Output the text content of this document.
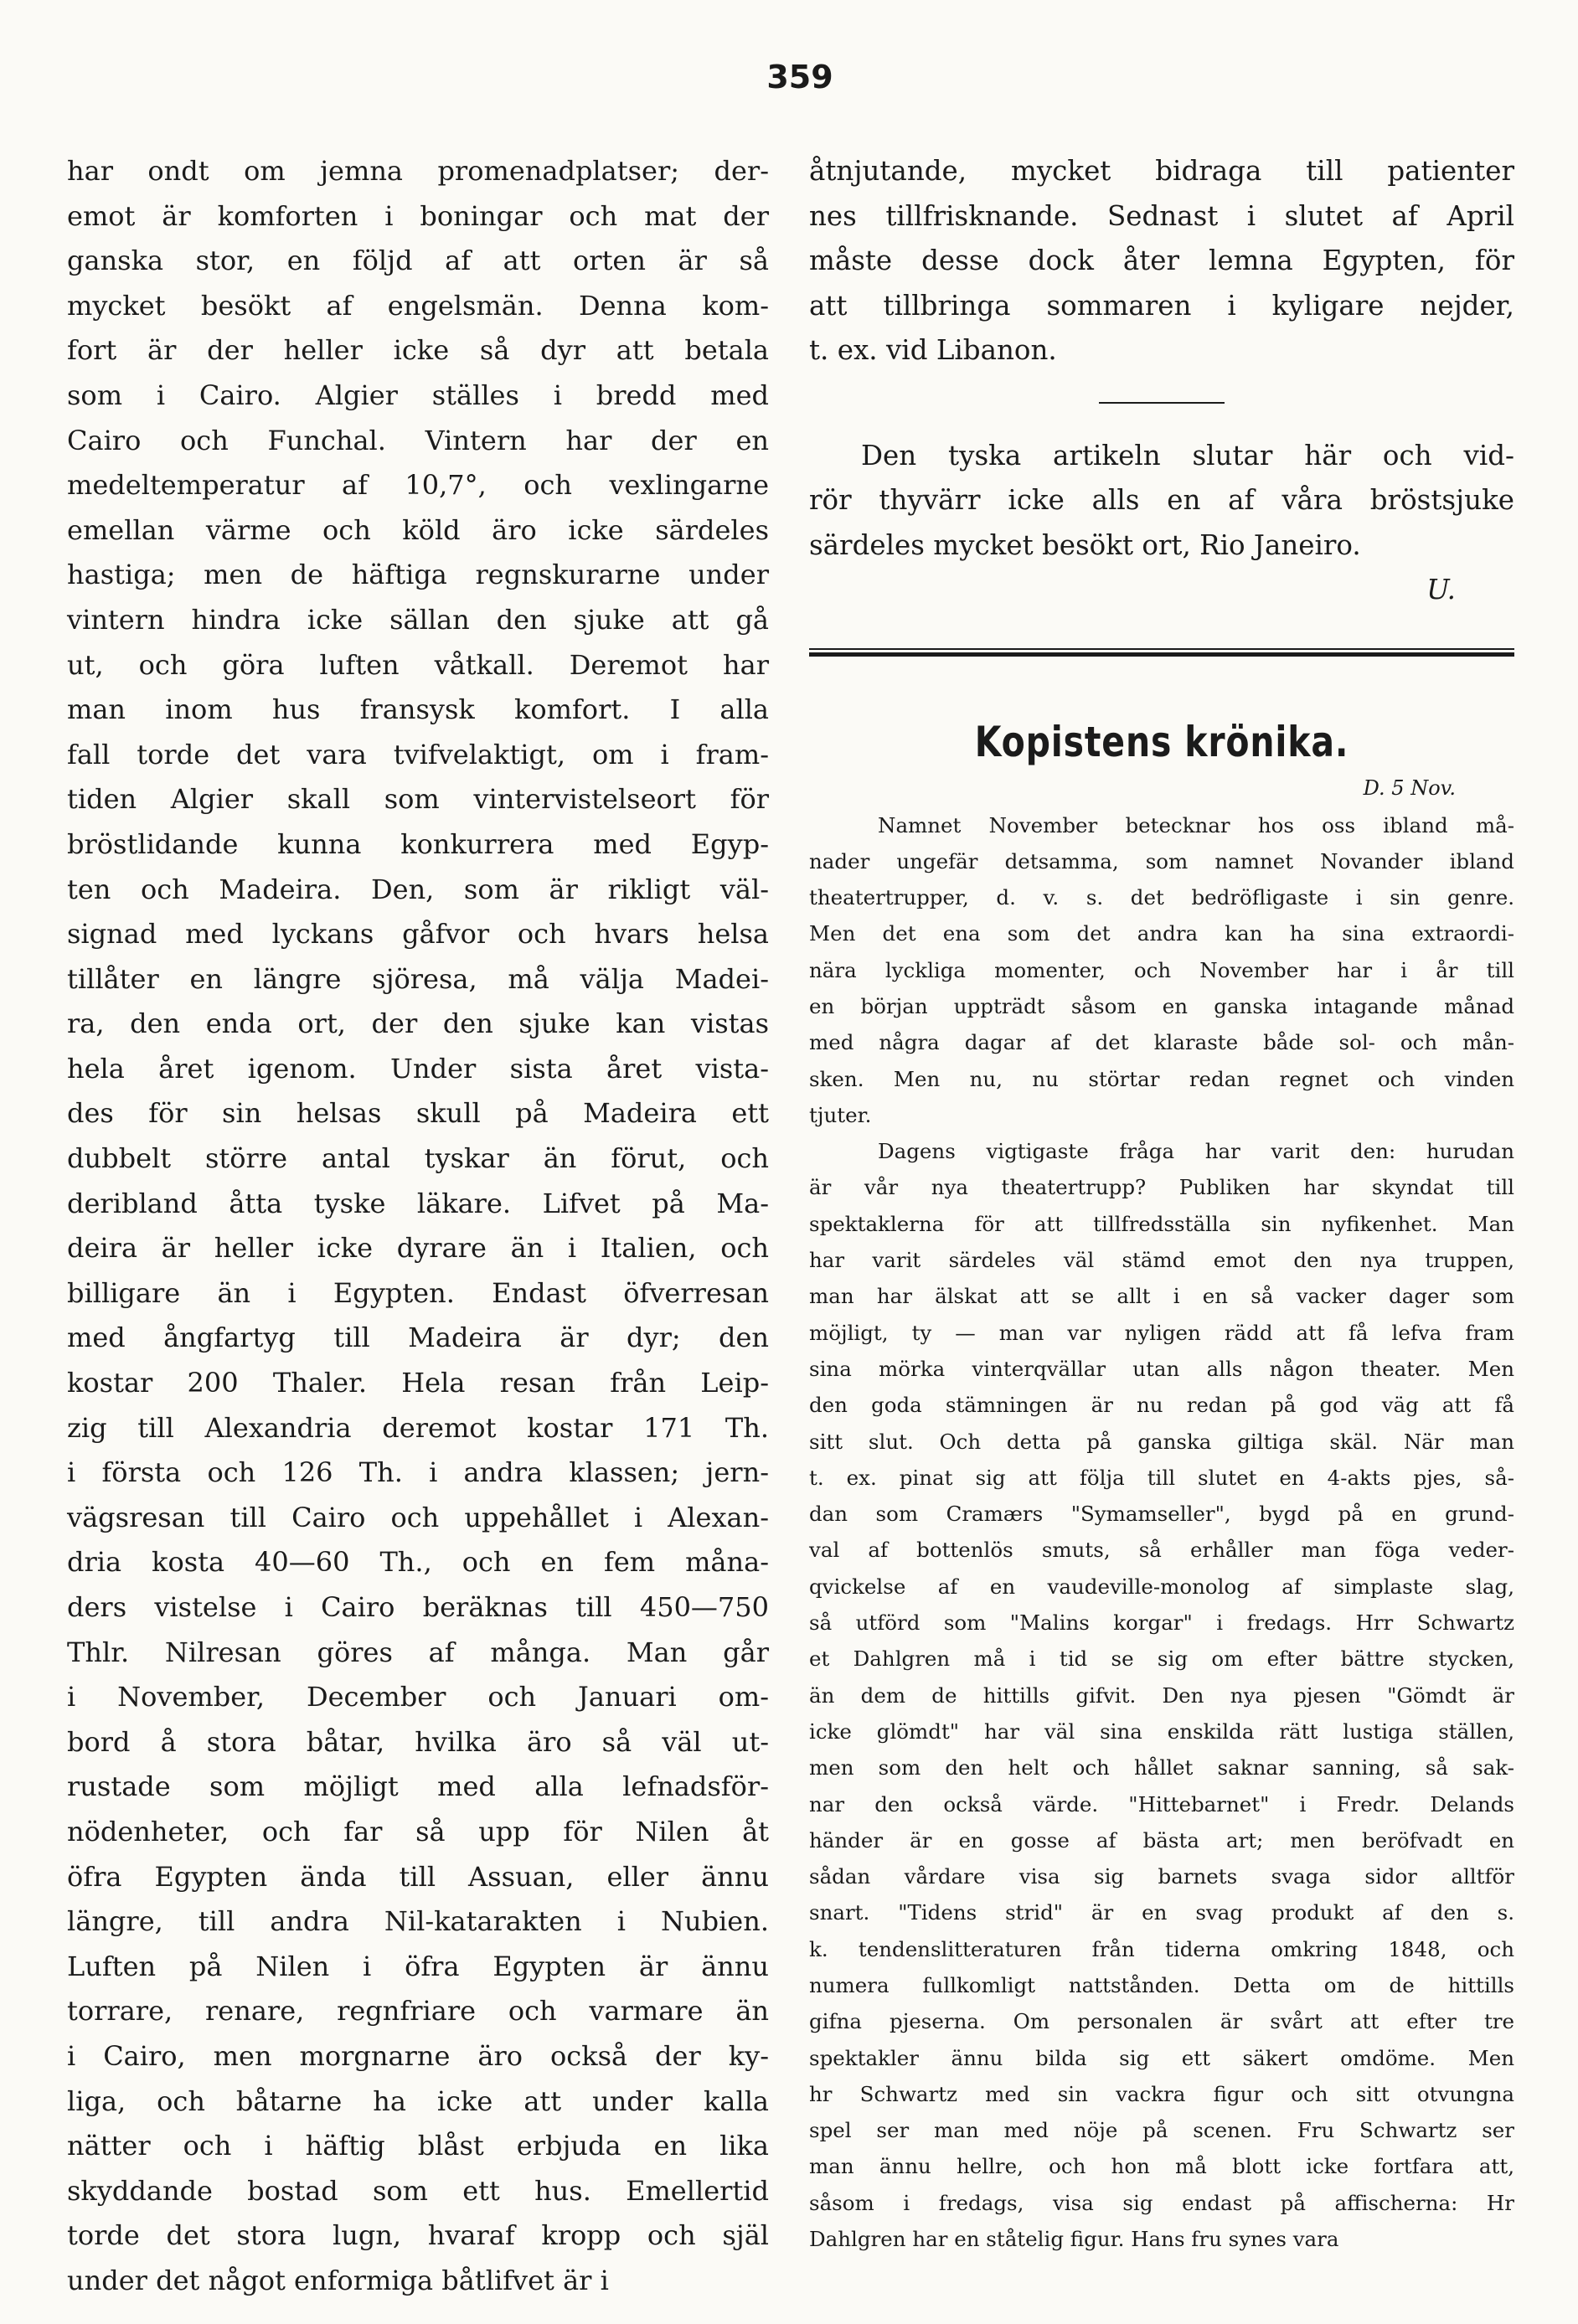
359
har ondt om jemna promenadplatser; der-
emot är komforten i boningar och mat der
ganska stor, en följd af att orten är så
mycket besökt af engelsmän. Denna kom-
fort är der heller icke så dyr att betala
som i Cairo. Algier ställes i bredd med
Cairo och Funchal. Vintern har der en
medeltemperatur af 10,7°, och vexlingarne
emellan värme och köld äro icke särdeles
hastiga; men de häftiga regnskurarne under
vintern hindra icke sällan den sjuke att gå
ut, och göra luften våtkall. Deremot har
man inom hus fransysk komfort. I alla
fall torde det vara tvifvelaktigt, om i fram-
tiden Algier skall som vintervistelseort för
bröstlidande kunna konkurrera med Egyp-
ten och Madeira. Den, som är rikligt väl-
signad med lyckans gåfvor och hvars helsa
tillåter en längre sjöresa, må välja Madei-
ra, den enda ort, der den sjuke kan vistas
hela året igenom. Under sista året vista-
des för sin helsas skull på Madeira ett
dubbelt större antal tyskar än förut, och
deribland åtta tyske läkare. Lifvet på Ma-
deira är heller icke dyrare än i Italien, och
billigare än i Egypten. Endast öfverresan
med ångfartyg till Madeira är dyr; den
kostar 200 Thaler. Hela resan från Leip-
zig till Alexandria deremot kostar 171 Th.
i första och 126 Th. i andra klassen; jern-
vägsresan till Cairo och uppehållet i Alexan-
dria kosta 40—60 Th., och en fem måna-
ders vistelse i Cairo beräknas till 450—750
Thlr. Nilresan göres af många. Man går
i November, December och Januari om-
bord å stora båtar, hvilka äro så väl ut-
rustade som möjligt med alla lefnadsför-
nödenheter, och far så upp för Nilen åt
öfra Egypten ända till Assuan, eller ännu
längre, till andra Nil-katarakten i Nubien.
Luften på Nilen i öfra Egypten är ännu
torrare, renare, regnfriare och varmare än
i Cairo, men morgnarne äro också der ky-
liga, och båtarne ha icke att under kalla
nätter och i häftig blåst erbjuda en lika
skyddande bostad som ett hus. Emellertid
torde det stora lugn, hvaraf kropp och själ
under det något enformiga båtlifvet är i
åtnjutande, mycket bidraga till patienter
nes tillfrisknande. Sednast i slutet af April
måste desse dock åter lemna Egypten, för
att tillbringa sommaren i kyligare nejder,
t. ex. vid Libanon.
Den tyska artikeln slutar här och vid-
rör thyvärr icke alls en af våra bröstsjuke
särdeles mycket besökt ort, Rio Janeiro.
U.
Kopistens krönika.
D. 5 Nov.
Namnet November betecknar hos oss ibland må-
nader ungefär detsamma, som namnet Novander ibland
theatertrupper, d. v. s. det bedröfligaste i sin genre.
Men det ena som det andra kan ha sina extraordi-
nära lyckliga momenter, och November har i år till
en början uppträdt såsom en ganska intagande månad
med några dagar af det klaraste både sol- och mån-
sken. Men nu, nu störtar redan regnet och vinden
tjuter.
Dagens vigtigaste fråga har varit den: hurudan
är vår nya theatertrupp? Publiken har skyndat till
spektaklerna för att tillfredsställa sin nyfikenhet. Man
har varit särdeles väl stämd emot den nya truppen,
man har älskat att se allt i en så vacker dager som
möjligt, ty — man var nyligen rädd att få lefva fram
sina mörka vinterqvällar utan alls någon theater. Men
den goda stämningen är nu redan på god väg att få
sitt slut. Och detta på ganska giltiga skäl. När man
t. ex. pinat sig att följa till slutet en 4-akts pjes, så-
dan som Cramærs "Symamseller", bygd på en grund-
val af bottenlös smuts, så erhåller man föga veder-
qvickelse af en vaudeville-monolog af simplaste slag,
så utförd som "Malins korgar" i fredags. Hrr Schwartz
et Dahlgren må i tid se sig om efter bättre stycken,
än dem de hittills gifvit. Den nya pjesen "Gömdt är
icke glömdt" har väl sina enskilda rätt lustiga ställen,
men som den helt och hållet saknar sanning, så sak-
nar den också värde. "Hittebarnet" i Fredr. Delands
händer är en gosse af bästa art; men beröfvadt en
sådan vårdare visa sig barnets svaga sidor alltför
snart. "Tidens strid" är en svag produkt af den s.
k. tendenslitteraturen från tiderna omkring 1848, och
numera fullkomligt nattstånden. Detta om de hittills
gifna pjeserna. Om personalen är svårt att efter tre
spektakler ännu bilda sig ett säkert omdöme. Men
hr Schwartz med sin vackra figur och sitt otvungna
spel ser man med nöje på scenen. Fru Schwartz ser
man ännu hellre, och hon må blott icke fortfara att,
såsom i fredags, visa sig endast på affischerna: Hr
Dahlgren har en ståtelig figur. Hans fru synes vara
